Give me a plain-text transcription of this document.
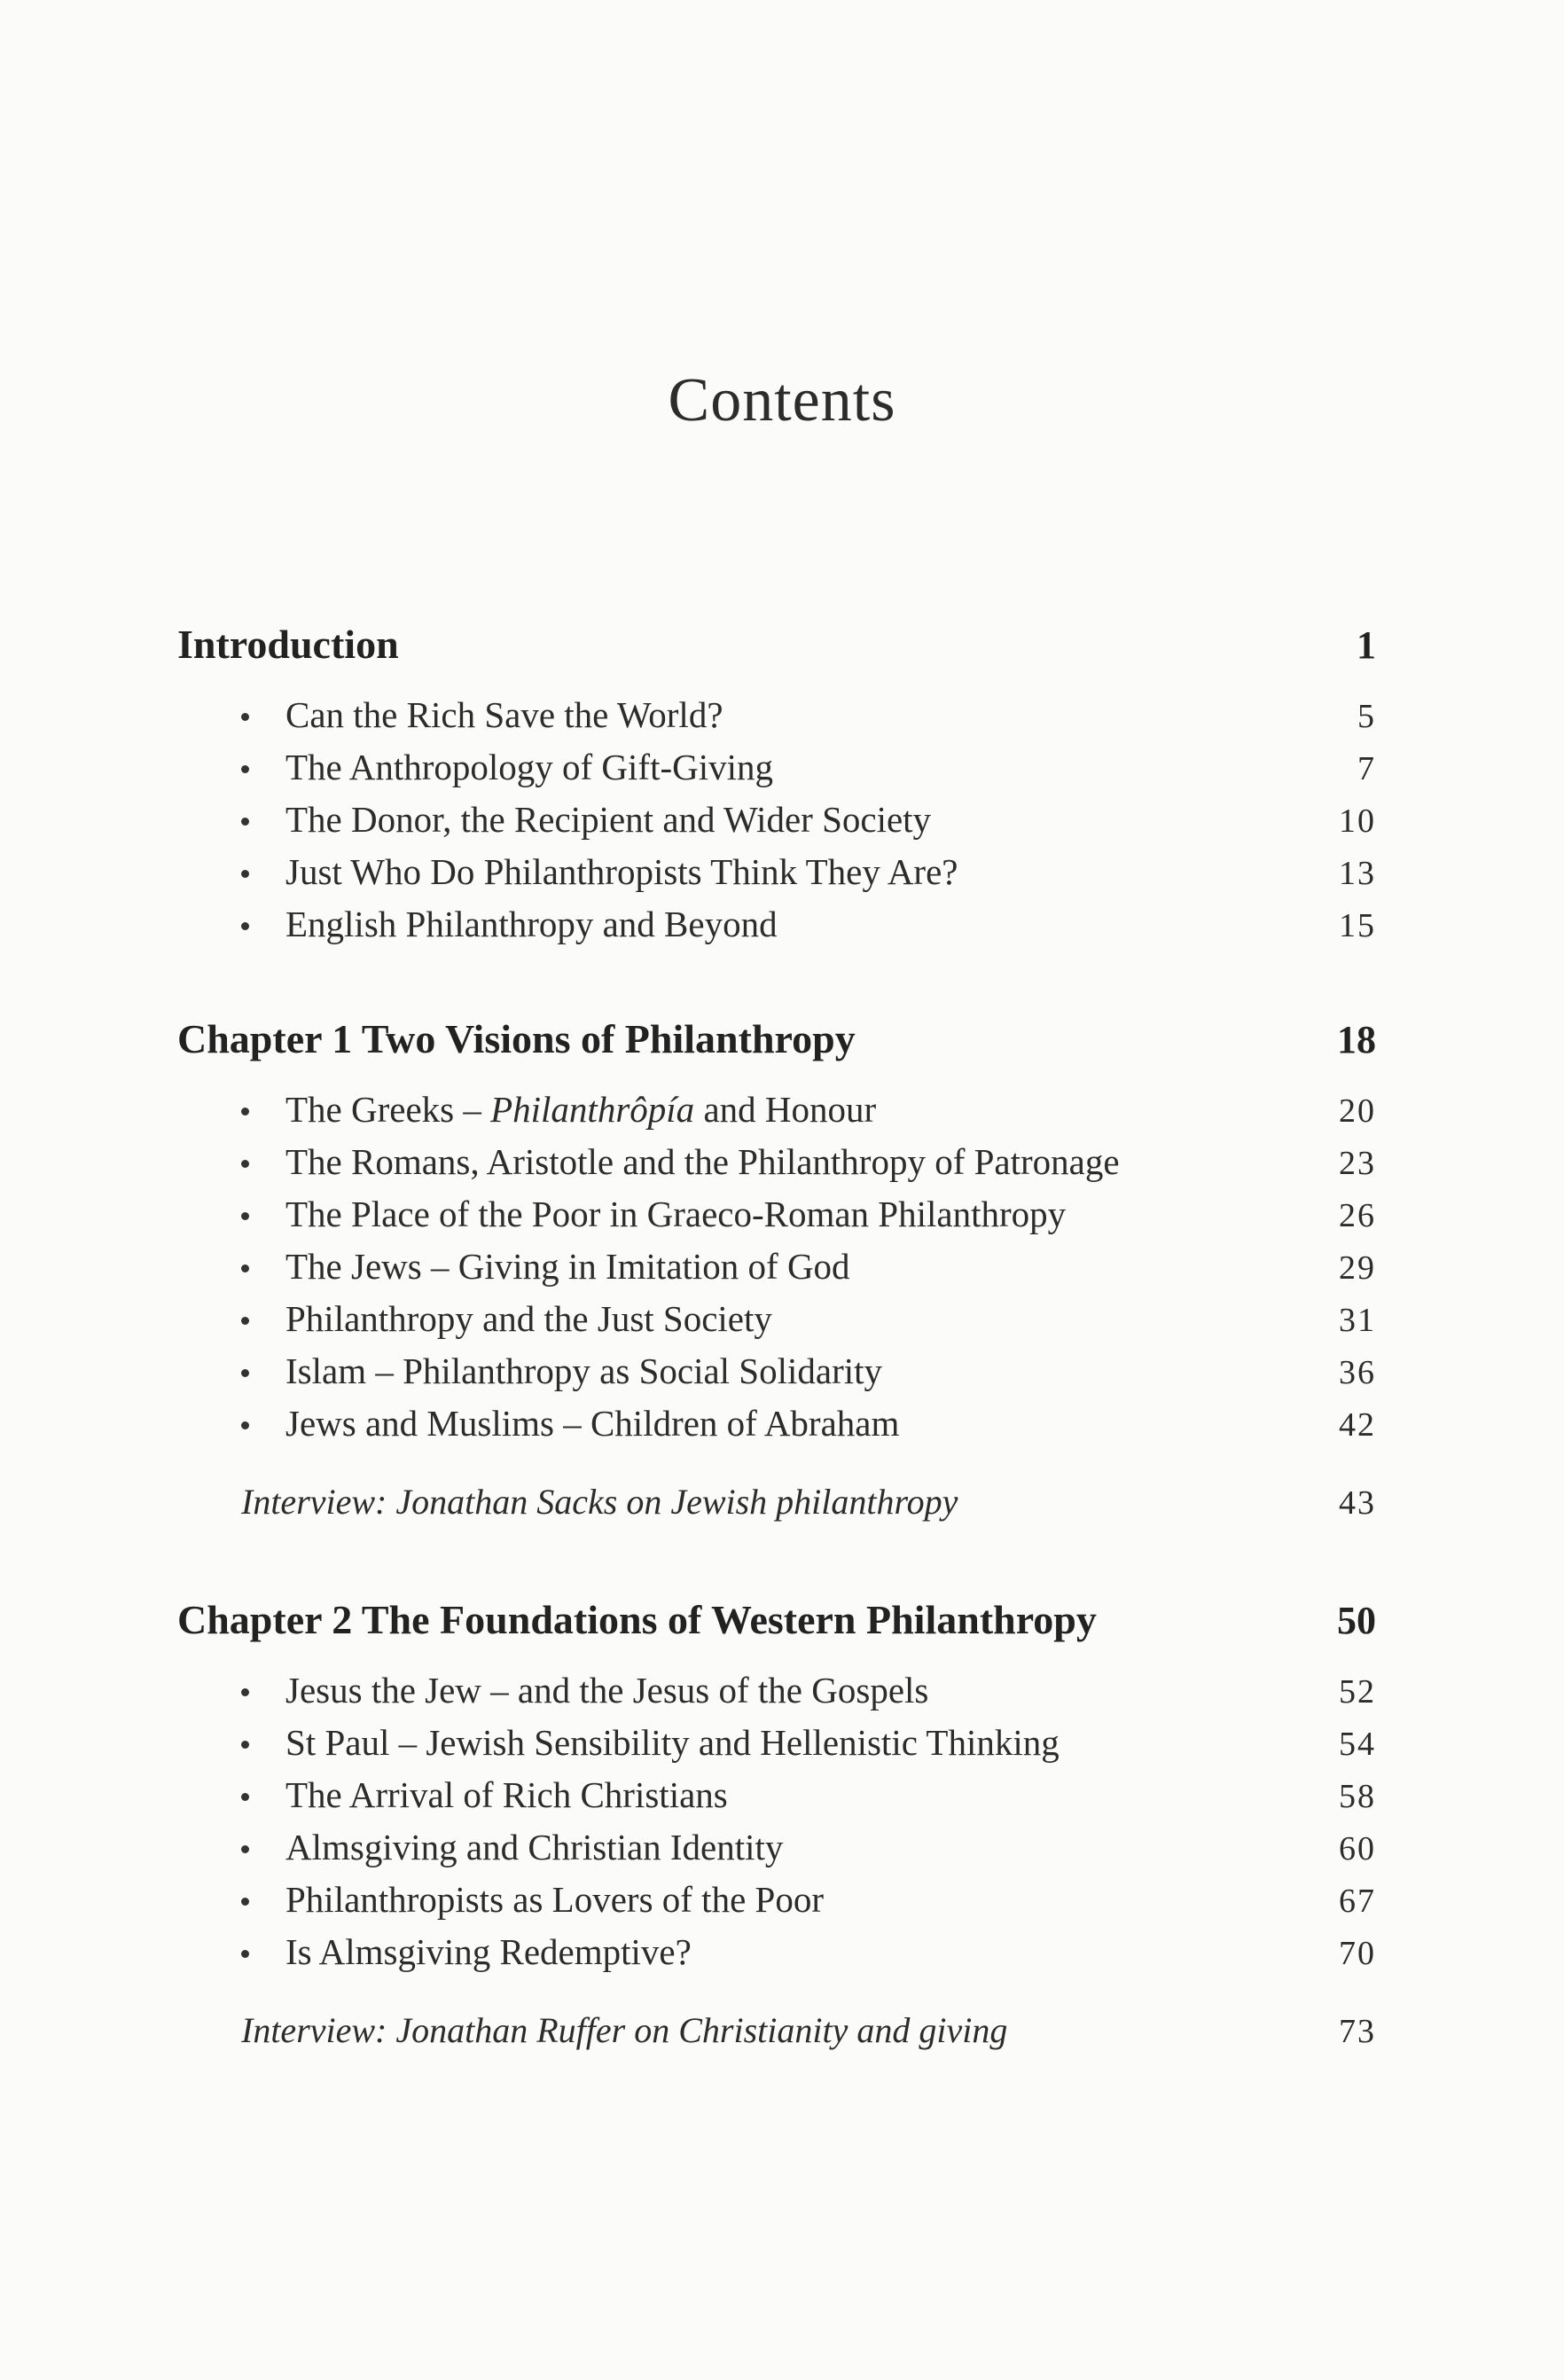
Contents
Introduction	1
Can the Rich Save the World?	5
The Anthropology of Gift-Giving	7
The Donor, the Recipient and Wider Society	10
Just Who Do Philanthropists Think They Are?	13
English Philanthropy and Beyond	15
Chapter 1 Two Visions of Philanthropy	18
The Greeks – Philanthrôpía and Honour	20
The Romans, Aristotle and the Philanthropy of Patronage	23
The Place of the Poor in Graeco-Roman Philanthropy	26
The Jews – Giving in Imitation of God	29
Philanthropy and the Just Society	31
Islam – Philanthropy as Social Solidarity	36
Jews and Muslims – Children of Abraham	42
Interview: Jonathan Sacks on Jewish philanthropy	43
Chapter 2 The Foundations of Western Philanthropy	50
Jesus the Jew – and the Jesus of the Gospels	52
St Paul – Jewish Sensibility and Hellenistic Thinking	54
The Arrival of Rich Christians	58
Almsgiving and Christian Identity	60
Philanthropists as Lovers of the Poor	67
Is Almsgiving Redemptive?	70
Interview: Jonathan Ruffer on Christianity and giving	73
